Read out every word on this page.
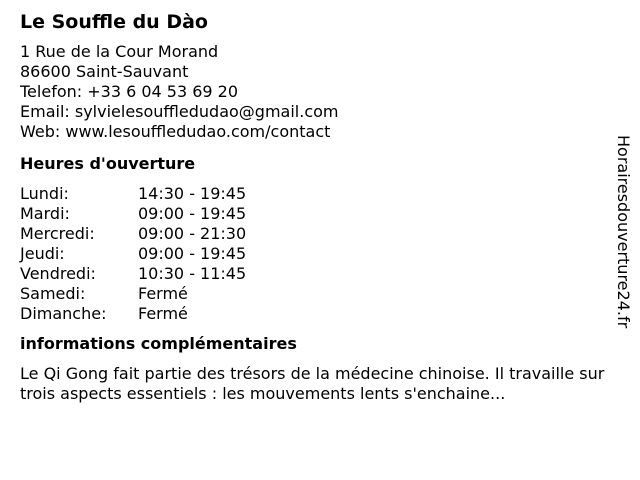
Le Souffle du Dào
1 Rue de la Cour Morand
86600 Saint-Sauvant
Telefon: +33 6 04 53 69 20
Email: sylvielesouffledudao@gmail.com
Web: www.lesouffledudao.com/contact
Heures d'ouverture
Lundi:	14:30 - 19:45
Mardi:	09:00 - 19:45
Mercredi:	09:00 - 21:30
Jeudi:	09:00 - 19:45
Vendredi:	10:30 - 11:45
Samedi:	Fermé
Dimanche:	Fermé
informations complémentaires
Le Qi Gong fait partie des trésors de la médecine chinoise. Il travaille sur trois aspects essentiels : les mouvements lents s'enchaine...
Horairesdouverture24.fr
